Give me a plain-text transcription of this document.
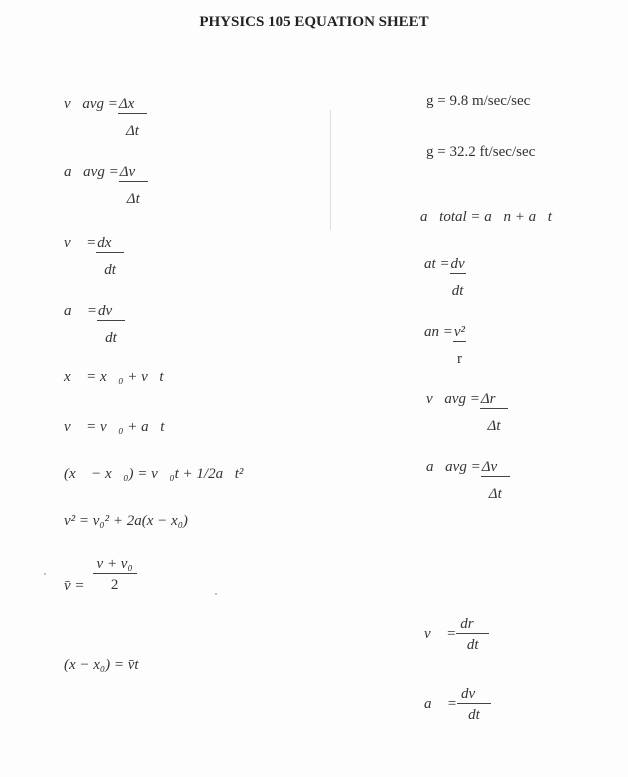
PHYSICS 105 EQUATION SHEET
v⃗avg = $\frac{\Delta x⃗}{\Delta t}$
a⃗avg = $\frac{\Delta v⃗}{\Delta t}$
v⃗ = $\frac{dx⃗}{dt}$
a⃗ = $\frac{dv⃗}{dt}$
x⃗ = x⃗₀ + v⃗t
v⃗ = v⃗₀ + a⃗t
(x⃗ − x⃗₀) = v⃗₀t + 1/2a⃗t²
v² = v₀² + 2a(x − x₀)
v̄ = $\frac{\text{v + v₀}}{2}$
(x − x₀) = v̄t
g = 9.8 m/sec/sec
g = 32.2 ft/sec/sec
a⃗total = a⃗n + a⃗t
at = $\frac{dv}{dt}$
an = $\frac{\text{v²}}{r}$
v⃗avg = $\frac{\Delta r⃗}{\Delta t}$
a⃗avg = $\frac{\Delta v⃗}{\Delta t}$
v⃗ = $\frac{dr⃗}{dt}$
a⃗ = $\frac{dv⃗}{dt}$
